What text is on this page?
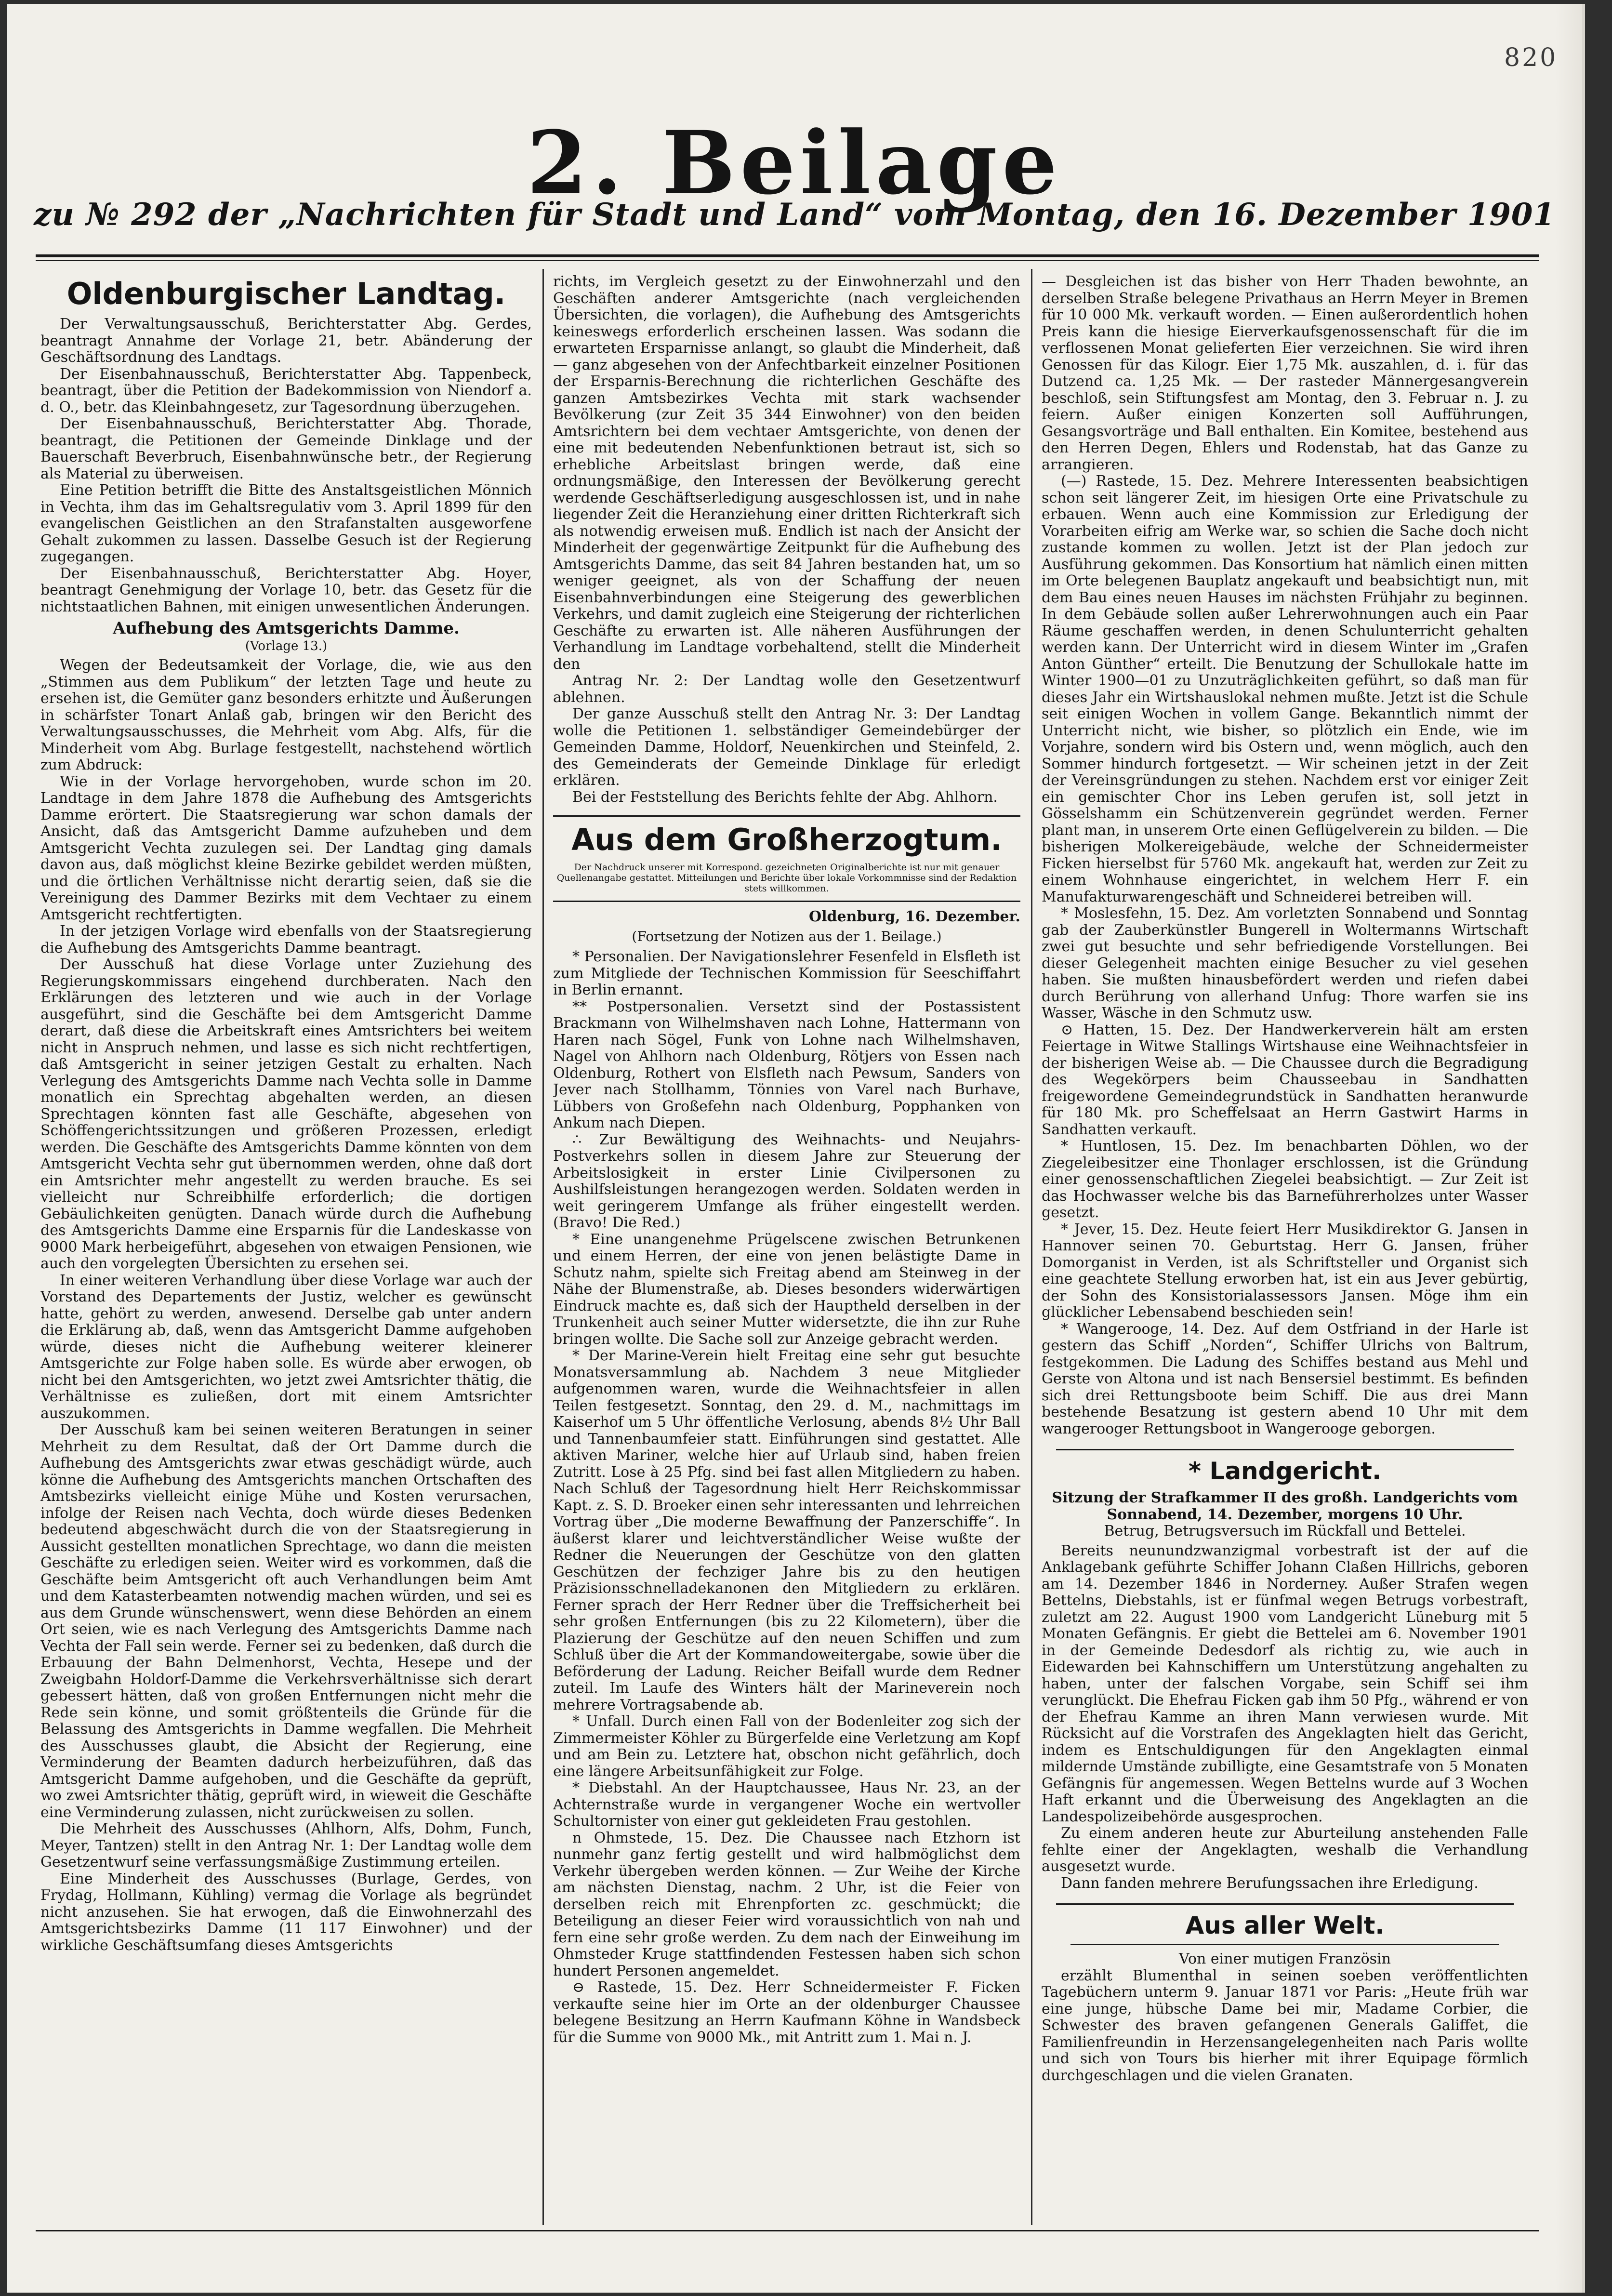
820
2. Beilage
zu № 292 der „Nachrichten für Stadt und Land“ vom Montag, den 16. Dezember 1901
Oldenburgischer Landtag.

Der Verwaltungsausschuß, Berichterstatter Abg. Gerdes, beantragt Annahme der Vorlage 21, betr. Abänderung der Geschäftsordnung des Landtags.

Der Eisenbahnausschuß, Berichterstatter Abg. Tappenbeck, beantragt, über die Petition der Badekommission von Niendorf a. d. O., betr. das Kleinbahngesetz, zur Tagesordnung überzugehen.

Der Eisenbahnausschuß, Berichterstatter Abg. Thorade, beantragt, die Petitionen der Gemeinde Dinklage und der Bauerschaft Beverbruch, Eisenbahnwünsche betr., der Regierung als Material zu überweisen.

Eine Petition betrifft die Bitte des Anstaltsgeistlichen Mönnich in Vechta, ihm das im Gehaltsregulativ vom 3. April 1899 für den evangelischen Geistlichen an den Strafanstalten ausgeworfene Gehalt zukommen zu lassen. Dasselbe Gesuch ist der Regierung zugegangen.

Der Eisenbahnausschuß, Berichterstatter Abg. Hoyer, beantragt Genehmigung der Vorlage 10, betr. das Gesetz für die nichtstaatlichen Bahnen, mit einigen unwesentlichen Änderungen.

Aufhebung des Amtsgerichts Damme.
(Vorlage 13.)

Wegen der Bedeutsamkeit der Vorlage, die, wie aus den „Stimmen aus dem Publikum“ der letzten Tage und heute zu ersehen ist, die Gemüter ganz besonders erhitzte und Äußerungen in schärfster Tonart Anlaß gab, bringen wir den Bericht des Verwaltungsausschusses, die Mehrheit vom Abg. Alfs, für die Minderheit vom Abg. Burlage festgestellt, nachstehend wörtlich zum Abdruck:

Wie in der Vorlage hervorgehoben, wurde schon im 20. Landtage in dem Jahre 1878 die Aufhebung des Amtsgerichts Damme erörtert. Die Staatsregierung war schon damals der Ansicht, daß das Amtsgericht Damme aufzuheben und dem Amtsgericht Vechta zuzulegen sei. Der Landtag ging damals davon aus, daß möglichst kleine Bezirke gebildet werden müßten, und die örtlichen Verhältnisse nicht derartig seien, daß sie die Vereinigung des Dammer Bezirks mit dem Vechtaer zu einem Amtsgericht rechtfertigten.

In der jetzigen Vorlage wird ebenfalls von der Staatsregierung die Aufhebung des Amtsgerichts Damme beantragt.

Der Ausschuß hat diese Vorlage unter Zuziehung des Regierungskommissars eingehend durchberaten. Nach den Erklärungen des letzteren und wie auch in der Vorlage ausgeführt, sind die Geschäfte bei dem Amtsgericht Damme derart, daß diese die Arbeitskraft eines Amtsrichters bei weitem nicht in Anspruch nehmen, und lasse es sich nicht rechtfertigen, daß Amtsgericht in seiner jetzigen Gestalt zu erhalten. Nach Verlegung des Amtsgerichts Damme nach Vechta solle in Damme monatlich ein Sprechtag abgehalten werden, an diesen Sprechtagen könnten fast alle Geschäfte, abgesehen von Schöffengerichtssitzungen und größeren Prozessen, erledigt werden. Die Geschäfte des Amtsgerichts Damme könnten von dem Amtsgericht Vechta sehr gut übernommen werden, ohne daß dort ein Amtsrichter mehr angestellt zu werden brauche. Es sei vielleicht nur Schreibhilfe erforderlich; die dortigen Gebäulichkeiten genügten. Danach würde durch die Aufhebung des Amtsgerichts Damme eine Ersparnis für die Landeskasse von 9000 Mark herbeigeführt, abgesehen von etwaigen Pensionen, wie auch den vorgelegten Übersichten zu ersehen sei.

In einer weiteren Verhandlung über diese Vorlage war auch der Vorstand des Departements der Justiz, welcher es gewünscht hatte, gehört zu werden, anwesend. Derselbe gab unter andern die Erklärung ab, daß, wenn das Amtsgericht Damme aufgehoben würde, dieses nicht die Aufhebung weiterer kleinerer Amtsgerichte zur Folge haben solle. Es würde aber erwogen, ob nicht bei den Amtsgerichten, wo jetzt zwei Amtsrichter thätig, die Verhältnisse es zuließen, dort mit einem Amtsrichter auszukommen.

Der Ausschuß kam bei seinen weiteren Beratungen in seiner Mehrheit zu dem Resultat, daß der Ort Damme durch die Aufhebung des Amtsgerichts zwar etwas geschädigt würde, auch könne die Aufhebung des Amtsgerichts manchen Ortschaften des Amtsbezirks vielleicht einige Mühe und Kosten verursachen, infolge der Reisen nach Vechta, doch würde dieses Bedenken bedeutend abgeschwächt durch die von der Staatsregierung in Aussicht gestellten monatlichen Sprechtage, wo dann die meisten Geschäfte zu erledigen seien. Weiter wird es vorkommen, daß die Geschäfte beim Amtsgericht oft auch Verhandlungen beim Amt und dem Katasterbeamten notwendig machen würden, und sei es aus dem Grunde wünschenswert, wenn diese Behörden an einem Ort seien, wie es nach Verlegung des Amtsgerichts Damme nach Vechta der Fall sein werde. Ferner sei zu bedenken, daß durch die Erbauung der Bahn Delmenhorst, Vechta, Hesepe und der Zweigbahn Holdorf-Damme die Verkehrsverhältnisse sich derart gebessert hätten, daß von großen Entfernungen nicht mehr die Rede sein könne, und somit größtenteils die Gründe für die Belassung des Amtsgerichts in Damme wegfallen. Die Mehrheit des Ausschusses glaubt, die Absicht der Regierung, eine Verminderung der Beamten dadurch herbeizuführen, daß das Amtsgericht Damme aufgehoben, und die Geschäfte da geprüft, wo zwei Amtsrichter thätig, geprüft wird, in wieweit die Geschäfte eine Verminderung zulassen, nicht zurückweisen zu sollen.

Die Mehrheit des Ausschusses (Ahlhorn, Alfs, Dohm, Funch, Meyer, Tantzen) stellt in den Antrag Nr. 1: Der Landtag wolle dem Gesetzentwurf seine verfassungsmäßige Zustimmung erteilen.

Eine Minderheit des Ausschusses (Burlage, Gerdes, von Frydag, Hollmann, Kühling) vermag die Vorlage als begründet nicht anzusehen. Sie hat erwogen, daß die Einwohnerzahl des Amtsgerichtsbezirks Damme (11 117 Einwohner) und der wirkliche Geschäftsumfang dieses Amtsgerichts

richts, im Vergleich gesetzt zu der Einwohnerzahl und den Geschäften anderer Amtsgerichte (nach vergleichenden Übersichten, die vorlagen), die Aufhebung des Amtsgerichts keineswegs erforderlich erscheinen lassen. Was sodann die erwarteten Ersparnisse anlangt, so glaubt die Minderheit, daß — ganz abgesehen von der Anfechtbarkeit einzelner Positionen der Ersparnis-Berechnung die richterlichen Geschäfte des ganzen Amtsbezirkes Vechta mit stark wachsender Bevölkerung (zur Zeit 35 344 Einwohner) von den beiden Amtsrichtern bei dem vechtaer Amtsgerichte, von denen der eine mit bedeutenden Nebenfunktionen betraut ist, sich so erhebliche Arbeitslast bringen werde, daß eine ordnungsmäßige, den Interessen der Bevölkerung gerecht werdende Geschäftserledigung ausgeschlossen ist, und in nahe liegender Zeit die Heranziehung einer dritten Richterkraft sich als notwendig erweisen muß. Endlich ist nach der Ansicht der Minderheit der gegenwärtige Zeitpunkt für die Aufhebung des Amtsgerichts Damme, das seit 84 Jahren bestanden hat, um so weniger geeignet, als von der Schaffung der neuen Eisenbahnverbindungen eine Steigerung des gewerblichen Verkehrs, und damit zugleich eine Steigerung der richterlichen Geschäfte zu erwarten ist. Alle näheren Ausführungen der Verhandlung im Landtage vorbehaltend, stellt die Minderheit den

Antrag Nr. 2: Der Landtag wolle den Gesetzentwurf ablehnen.

Der ganze Ausschuß stellt den Antrag Nr. 3: Der Landtag wolle die Petitionen 1. selbständiger Gemeindebürger der Gemeinden Damme, Holdorf, Neuenkirchen und Steinfeld, 2. des Gemeinderats der Gemeinde Dinklage für erledigt erklären.

Bei der Feststellung des Berichts fehlte der Abg. Ahlhorn.

Aus dem Großherzogtum.
Der Nachdruck unserer mit Korrespond. gezeichneten Originalberichte ist nur mit genauer Quellenangabe gestattet. Mitteilungen und Berichte über lokale Vorkommnisse sind der Redaktion stets willkommen.
Oldenburg, 16. Dezember.
(Fortsetzung der Notizen aus der 1. Beilage.)

* Personalien. Der Navigationslehrer Fesenfeld in Elsfleth ist zum Mitgliede der Technischen Kommission für Seeschiffahrt in Berlin ernannt.

** Postpersonalien. Versetzt sind der Postassistent Brackmann von Wilhelmshaven nach Lohne, Hattermann von Haren nach Sögel, Funk von Lohne nach Wilhelmshaven, Nagel von Ahlhorn nach Oldenburg, Rötjers von Essen nach Oldenburg, Rothert von Elsfleth nach Pewsum, Sanders von Jever nach Stollhamm, Tönnies von Varel nach Burhave, Lübbers von Großefehn nach Oldenburg, Popphanken von Ankum nach Diepen.

∴ Zur Bewältigung des Weihnachts- und Neujahrs-Postverkehrs sollen in diesem Jahre zur Steuerung der Arbeitslosigkeit in erster Linie Civilpersonen zu Aushilfsleistungen herangezogen werden. Soldaten werden in weit geringerem Umfange als früher eingestellt werden. (Bravo! Die Red.)

* Eine unangenehme Prügelscene zwischen Betrunkenen und einem Herren, der eine von jenen belästigte Dame in Schutz nahm, spielte sich Freitag abend am Steinweg in der Nähe der Blumenstraße, ab. Dieses besonders widerwärtigen Eindruck machte es, daß sich der Hauptheld derselben in der Trunkenheit auch seiner Mutter widersetzte, die ihn zur Ruhe bringen wollte. Die Sache soll zur Anzeige gebracht werden.

* Der Marine-Verein hielt Freitag eine sehr gut besuchte Monatsversammlung ab. Nachdem 3 neue Mitglieder aufgenommen waren, wurde die Weihnachtsfeier in allen Teilen festgesetzt. Sonntag, den 29. d. M., nachmittags im Kaiserhof um 5 Uhr öffentliche Verlosung, abends 8½ Uhr Ball und Tannenbaumfeier statt. Einführungen sind gestattet. Alle aktiven Mariner, welche hier auf Urlaub sind, haben freien Zutritt. Lose à 25 Pfg. sind bei fast allen Mitgliedern zu haben. Nach Schluß der Tagesordnung hielt Herr Reichskommissar Kapt. z. S. D. Broeker einen sehr interessanten und lehrreichen Vortrag über „Die moderne Bewaffnung der Panzerschiffe“. In äußerst klarer und leichtverständlicher Weise wußte der Redner die Neuerungen der Geschütze von den glatten Geschützen der fechziger Jahre bis zu den heutigen Präzisionsschnelladekanonen den Mitgliedern zu erklären. Ferner sprach der Herr Redner über die Treffsicherheit bei sehr großen Entfernungen (bis zu 22 Kilometern), über die Plazierung der Geschütze auf den neuen Schiffen und zum Schluß über die Art der Kommandoweitergabe, sowie über die Beförderung der Ladung. Reicher Beifall wurde dem Redner zuteil. Im Laufe des Winters hält der Marineverein noch mehrere Vortragsabende ab.

* Unfall. Durch einen Fall von der Bodenleiter zog sich der Zimmermeister Köhler zu Bürgerfelde eine Verletzung am Kopf und am Bein zu. Letztere hat, obschon nicht gefährlich, doch eine längere Arbeitsunfähigkeit zur Folge.

* Diebstahl. An der Hauptchaussee, Haus Nr. 23, an der Achternstraße wurde in vergangener Woche ein wertvoller Schultornister von einer gut gekleideten Frau gestohlen.

n Ohmstede, 15. Dez. Die Chaussee nach Etzhorn ist nunmehr ganz fertig gestellt und wird halbmöglichst dem Verkehr übergeben werden können. — Zur Weihe der Kirche am nächsten Dienstag, nachm. 2 Uhr, ist die Feier von derselben reich mit Ehrenpforten zc. geschmückt; die Beteiligung an dieser Feier wird voraussichtlich von nah und fern eine sehr große werden. Zu dem nach der Einweihung im Ohmsteder Kruge stattfindenden Festessen haben sich schon hundert Personen angemeldet.

⊖ Rastede, 15. Dez. Herr Schneidermeister F. Ficken verkaufte seine hier im Orte an der oldenburger Chaussee belegene Besitzung an Herrn Kaufmann Köhne in Wandsbeck für die Summe von 9000 Mk., mit Antritt zum 1. Mai n. J.

— Desgleichen ist das bisher von Herr Thaden bewohnte, an derselben Straße belegene Privathaus an Herrn Meyer in Bremen für 10 000 Mk. verkauft worden. — Einen außerordentlich hohen Preis kann die hiesige Eierverkaufsgenossenschaft für die im verflossenen Monat gelieferten Eier verzeichnen. Sie wird ihren Genossen für das Kilogr. Eier 1,75 Mk. auszahlen, d. i. für das Dutzend ca. 1,25 Mk. — Der rasteder Männergesangverein beschloß, sein Stiftungsfest am Montag, den 3. Februar n. J. zu feiern. Außer einigen Konzerten soll Aufführungen, Gesangsvorträge und Ball enthalten. Ein Komitee, bestehend aus den Herren Degen, Ehlers und Rodenstab, hat das Ganze zu arrangieren.

(—) Rastede, 15. Dez. Mehrere Interessenten beabsichtigen schon seit längerer Zeit, im hiesigen Orte eine Privatschule zu erbauen. Wenn auch eine Kommission zur Erledigung der Vorarbeiten eifrig am Werke war, so schien die Sache doch nicht zustande kommen zu wollen. Jetzt ist der Plan jedoch zur Ausführung gekommen. Das Konsortium hat nämlich einen mitten im Orte belegenen Bauplatz angekauft und beabsichtigt nun, mit dem Bau eines neuen Hauses im nächsten Frühjahr zu beginnen. In dem Gebäude sollen außer Lehrerwohnungen auch ein Paar Räume geschaffen werden, in denen Schulunterricht gehalten werden kann. Der Unterricht wird in diesem Winter im „Grafen Anton Günther“ erteilt. Die Benutzung der Schullokale hatte im Winter 1900—01 zu Unzuträglichkeiten geführt, so daß man für dieses Jahr ein Wirtshauslokal nehmen mußte. Jetzt ist die Schule seit einigen Wochen in vollem Gange. Bekanntlich nimmt der Unterricht nicht, wie bisher, so plötzlich ein Ende, wie im Vorjahre, sondern wird bis Ostern und, wenn möglich, auch den Sommer hindurch fortgesetzt. — Wir scheinen jetzt in der Zeit der Vereinsgründungen zu stehen. Nachdem erst vor einiger Zeit ein gemischter Chor ins Leben gerufen ist, soll jetzt in Gösselshamm ein Schützenverein gegründet werden. Ferner plant man, in unserem Orte einen Geflügelverein zu bilden. — Die bisherigen Molkereigebäude, welche der Schneidermeister Ficken hierselbst für 5760 Mk. angekauft hat, werden zur Zeit zu einem Wohnhause eingerichtet, in welchem Herr F. ein Manufakturwarengeschäft und Schneiderei betreiben will.

* Moslesfehn, 15. Dez. Am vorletzten Sonnabend und Sonntag gab der Zauberkünstler Bungerell in Woltermanns Wirtschaft zwei gut besuchte und sehr befriedigende Vorstellungen. Bei dieser Gelegenheit machten einige Besucher zu viel gesehen haben. Sie mußten hinausbefördert werden und riefen dabei durch Berührung von allerhand Unfug: Thore warfen sie ins Wasser, Wäsche in den Schmutz usw.

⊙ Hatten, 15. Dez. Der Handwerkerverein hält am ersten Feiertage in Witwe Stallings Wirtshause eine Weihnachtsfeier in der bisherigen Weise ab. — Die Chaussee durch die Begradigung des Wegekörpers beim Chausseebau in Sandhatten freigewordene Gemeindegrundstück in Sandhatten heranwurde für 180 Mk. pro Scheffelsaat an Herrn Gastwirt Harms in Sandhatten verkauft.

* Huntlosen, 15. Dez. Im benachbarten Döhlen, wo der Ziegeleibesitzer eine Thonlager erschlossen, ist die Gründung einer genossenschaftlichen Ziegelei beabsichtigt. — Zur Zeit ist das Hochwasser welche bis das Barneführerholzes unter Wasser gesetzt.

* Jever, 15. Dez. Heute feiert Herr Musikdirektor G. Jansen in Hannover seinen 70. Geburtstag. Herr G. Jansen, früher Domorganist in Verden, ist als Schriftsteller und Organist sich eine geachtete Stellung erworben hat, ist ein aus Jever gebürtig, der Sohn des Konsistorialassessors Jansen. Möge ihm ein glücklicher Lebensabend beschieden sein!

* Wangerooge, 14. Dez. Auf dem Ostfriand in der Harle ist gestern das Schiff „Norden“, Schiffer Ulrichs von Baltrum, festgekommen. Die Ladung des Schiffes bestand aus Mehl und Gerste von Altona und ist nach Bensersiel bestimmt. Es befinden sich drei Rettungsboote beim Schiff. Die aus drei Mann bestehende Besatzung ist gestern abend 10 Uhr mit dem wangerooger Rettungsboot in Wangerooge geborgen.

* Landgericht.
Sitzung der Strafkammer II des großh. Landgerichts vom Sonnabend, 14. Dezember, morgens 10 Uhr.
Betrug, Betrugsversuch im Rückfall und Bettelei.

Bereits neunundzwanzigmal vorbestraft ist der auf die Anklagebank geführte Schiffer Johann Claßen Hillrichs, geboren am 14. Dezember 1846 in Norderney. Außer Strafen wegen Bettelns, Diebstahls, ist er fünfmal wegen Betrugs vorbestraft, zuletzt am 22. August 1900 vom Landgericht Lüneburg mit 5 Monaten Gefängnis. Er giebt die Bettelei am 6. November 1901 in der Gemeinde Dedesdorf als richtig zu, wie auch in Eidewarden bei Kahnschiffern um Unterstützung angehalten zu haben, unter der falschen Vorgabe, sein Schiff sei ihm verunglückt. Die Ehefrau Ficken gab ihm 50 Pfg., während er von der Ehefrau Kamme an ihren Mann verwiesen wurde. Mit Rücksicht auf die Vorstrafen des Angeklagten hielt das Gericht, indem es Entschuldigungen für den Angeklagten einmal mildernde Umstände zubilligte, eine Gesamtstrafe von 5 Monaten Gefängnis für angemessen. Wegen Bettelns wurde auf 3 Wochen Haft erkannt und die Überweisung des Angeklagten an die Landespolizeibehörde ausgesprochen.

Zu einem anderen heute zur Aburteilung anstehenden Falle fehlte einer der Angeklagten, weshalb die Verhandlung ausgesetzt wurde.

Dann fanden mehrere Berufungssachen ihre Erledigung.

Aus aller Welt.
Von einer mutigen Französin

erzählt Blumenthal in seinen soeben veröffentlichten Tagebüchern unterm 9. Januar 1871 vor Paris: „Heute früh war eine junge, hübsche Dame bei mir, Madame Corbier, die Schwester des braven gefangenen Generals Galiffet, die Familienfreundin in Herzensangelegenheiten nach Paris wollte und sich von Tours bis hierher mit ihrer Equipage förmlich durchgeschlagen und die vielen Granaten.
